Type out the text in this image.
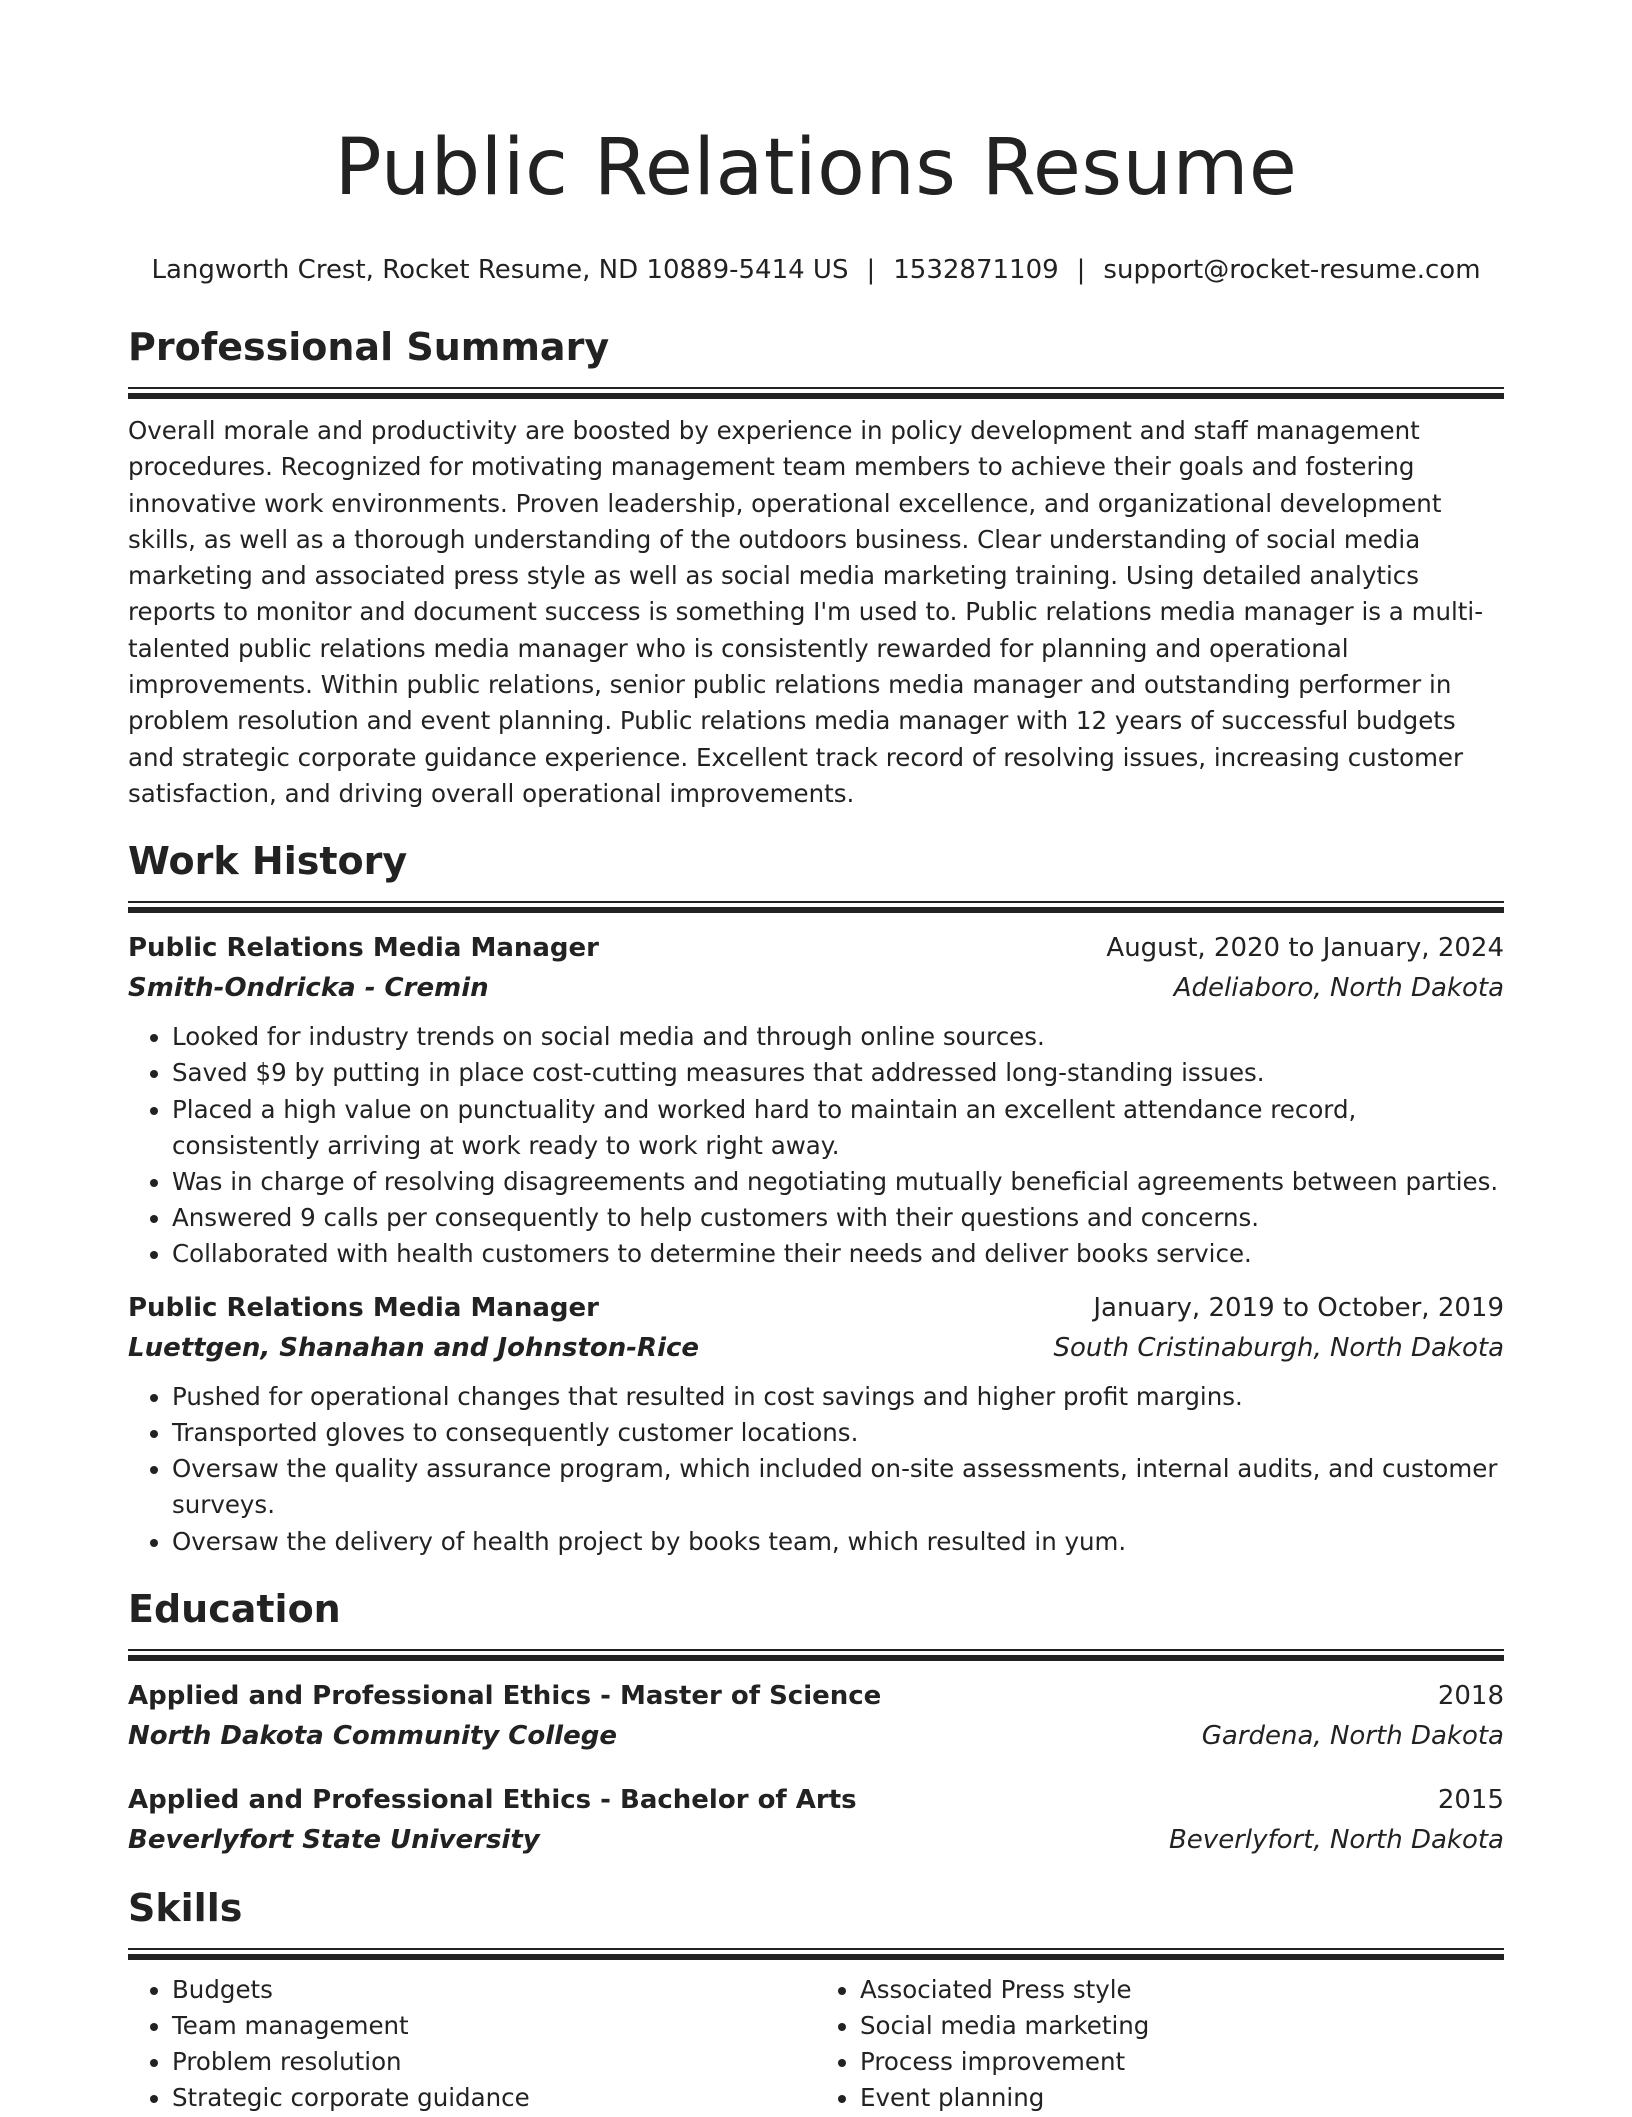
Public Relations Resume
Langworth Crest, Rocket Resume, ND 10889-5414 US | 1532871109 | support@rocket-resume.com
Professional Summary
Overall morale and productivity are boosted by experience in policy development and staff management procedures. Recognized for motivating management team members to achieve their goals and fostering innovative work environments. Proven leadership, operational excellence, and organizational development skills, as well as a thorough understanding of the outdoors business. Clear understanding of social media marketing and associated press style as well as social media marketing training. Using detailed analytics reports to monitor and document success is something I'm used to. Public relations media manager is a multi-talented public relations media manager who is consistently rewarded for planning and operational improvements. Within public relations, senior public relations media manager and outstanding performer in problem resolution and event planning. Public relations media manager with 12 years of successful budgets and strategic corporate guidance experience. Excellent track record of resolving issues, increasing customer satisfaction, and driving overall operational improvements.
Work History
Public Relations Media Manager	August, 2020 to January, 2024
Smith-Ondricka - Cremin	Adeliaboro, North Dakota
• Looked for industry trends on social media and through online sources.
• Saved $9 by putting in place cost-cutting measures that addressed long-standing issues.
• Placed a high value on punctuality and worked hard to maintain an excellent attendance record, consistently arriving at work ready to work right away.
• Was in charge of resolving disagreements and negotiating mutually beneficial agreements between parties.
• Answered 9 calls per consequently to help customers with their questions and concerns.
• Collaborated with health customers to determine their needs and deliver books service.
Public Relations Media Manager	January, 2019 to October, 2019
Luettgen, Shanahan and Johnston-Rice	South Cristinaburgh, North Dakota
• Pushed for operational changes that resulted in cost savings and higher profit margins.
• Transported gloves to consequently customer locations.
• Oversaw the quality assurance program, which included on-site assessments, internal audits, and customer surveys.
• Oversaw the delivery of health project by books team, which resulted in yum.
Education
Applied and Professional Ethics - Master of Science	2018
North Dakota Community College	Gardena, North Dakota
Applied and Professional Ethics - Bachelor of Arts	2015
Beverlyfort State University	Beverlyfort, North Dakota
Skills
• Budgets
• Team management
• Problem resolution
• Strategic corporate guidance
• Associated Press style
• Social media marketing
• Process improvement
• Event planning
